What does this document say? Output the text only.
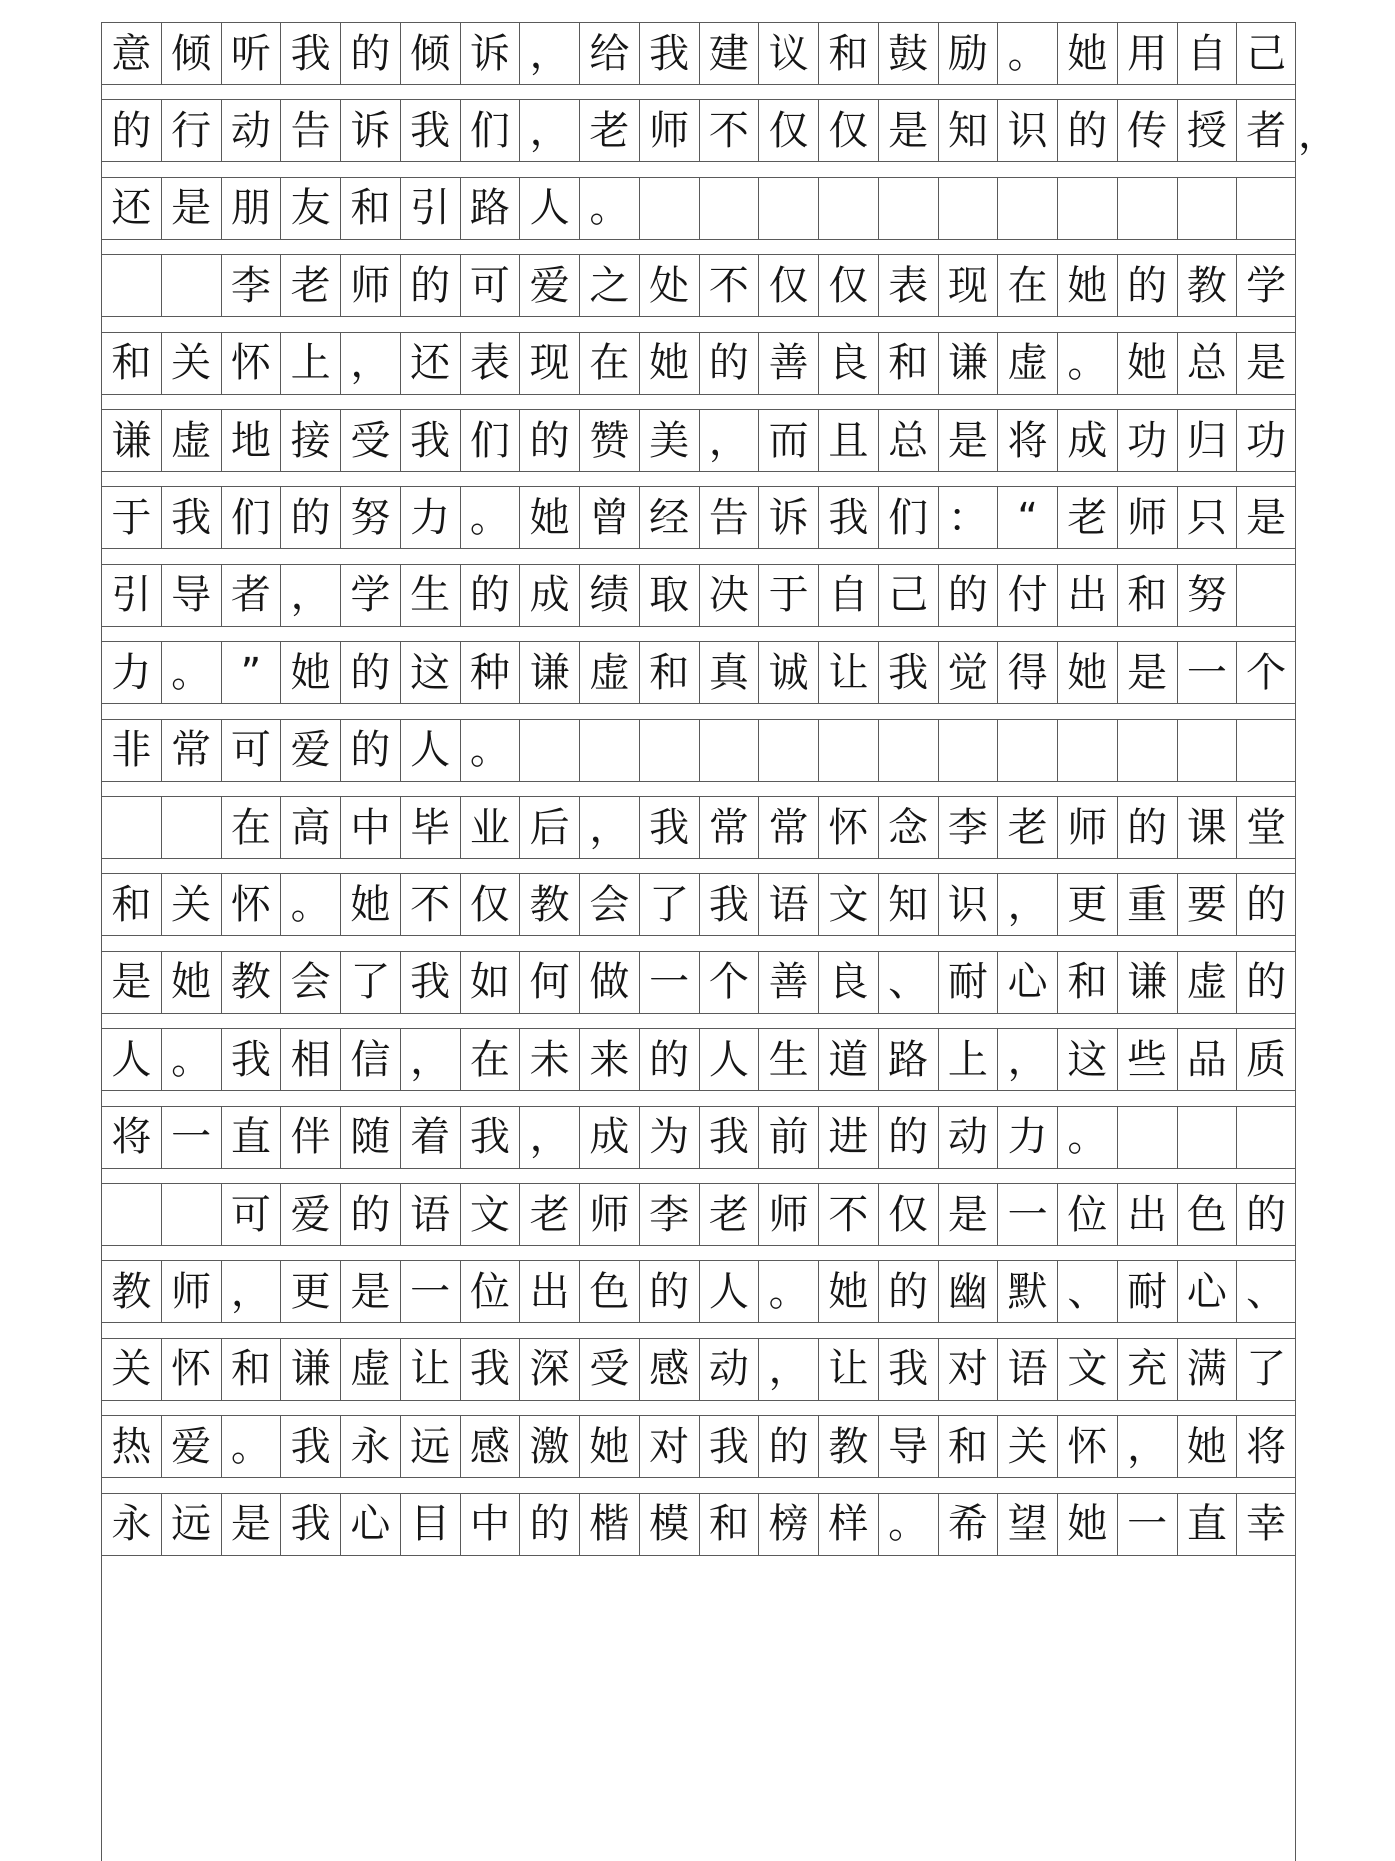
意 倾 听 我 的 倾 诉 ， 给 我 建 议 和 鼓 励 。 她 用 自 己
的 行 动 告 诉 我 们 ， 老 师 不 仅 仅 是 知 识 的 传 授 者 ，
还 是 朋 友 和 引 路 人 。
李 老 师 的 可 爱 之 处 不 仅 仅 表 现 在 她 的 教 学
和 关 怀 上 ， 还 表 现 在 她 的 善 良 和 谦 虚 。 她 总 是
谦 虚 地 接 受 我 们 的 赞 美 ， 而 且 总 是 将 成 功 归 功
于 我 们 的 努 力 。 她 曾 经 告 诉 我 们 ： “ 老 师 只 是
引 导 者 ， 学 生 的 成 绩 取 决 于 自 己 的 付 出 和 努
力 。 ” 她 的 这 种 谦 虚 和 真 诚 让 我 觉 得 她 是 一 个
非 常 可 爱 的 人 。
在 高 中 毕 业 后 ， 我 常 常 怀 念 李 老 师 的 课 堂
和 关 怀 。 她 不 仅 教 会 了 我 语 文 知 识 ， 更 重 要 的
是 她 教 会 了 我 如 何 做 一 个 善 良 、 耐 心 和 谦 虚 的
人 。 我 相 信 ， 在 未 来 的 人 生 道 路 上 ， 这 些 品 质
将 一 直 伴 随 着 我 ， 成 为 我 前 进 的 动 力 。
可 爱 的 语 文 老 师 李 老 师 不 仅 是 一 位 出 色 的
教 师 ， 更 是 一 位 出 色 的 人 。 她 的 幽 默 、 耐 心 、
关 怀 和 谦 虚 让 我 深 受 感 动 ， 让 我 对 语 文 充 满 了
热 爱 。 我 永 远 感 激 她 对 我 的 教 导 和 关 怀 ， 她 将
永 远 是 我 心 目 中 的 楷 模 和 榜 样 。 希 望 她 一 直 幸
